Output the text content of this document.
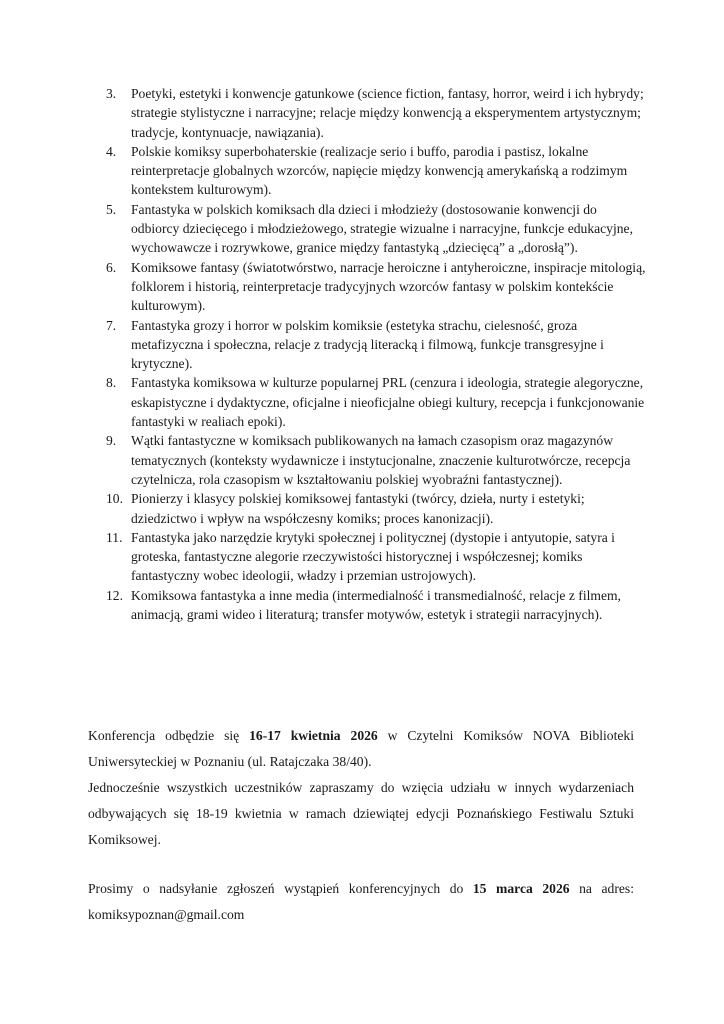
3. Poetyki, estetyki i konwencje gatunkowe (science fiction, fantasy, horror, weird i ich hybrydy; strategie stylistyczne i narracyjne; relacje między konwencją a eksperymentem artystycznym; tradycje, kontynuacje, nawiązania).
4. Polskie komiksy superbohaterskie (realizacje serio i buffo, parodia i pastisz, lokalne reinterpretacje globalnych wzorców, napięcie między konwencją amerykańską a rodzimym kontekstem kulturowym).
5. Fantastyka w polskich komiksach dla dzieci i młodzieży (dostosowanie konwencji do odbiorcy dziecięcego i młodzieżowego, strategie wizualne i narracyjne, funkcje edukacyjne, wychowawcze i rozrywkowe, granice między fantastyką „dziecięcą” a „dorosłą”).
6. Komiksowe fantasy (światotwórstwo, narracje heroiczne i antyheroiczne, inspiracje mitologią, folklorem i historią, reinterpretacje tradycyjnych wzorców fantasy w polskim kontekście kulturowym).
7. Fantastyka grozy i horror w polskim komiksie (estetyka strachu, cielesność, groza metafizyczna i społeczna, relacje z tradycją literacką i filmową, funkcje transgresyjne i krytyczne).
8. Fantastyka komiksowa w kulturze popularnej PRL (cenzura i ideologia, strategie alegoryczne, eskapistyczne i dydaktyczne, oficjalne i nieoficjalne obiegi kultury, recepcja i funkcjonowanie fantastyki w realiach epoki).
9. Wątki fantastyczne w komiksach publikowanych na łamach czasopism oraz magazynów tematycznych (konteksty wydawnicze i instytucjonalne, znaczenie kulturotwórcze, recepcja czytelnicza, rola czasopism w kształtowaniu polskiej wyobraźni fantastycznej).
10. Pionierzy i klasycy polskiej komiksowej fantastyki (twórcy, dzieła, nurty i estetyki; dziedzictwo i wpływ na współczesny komiks; proces kanonizacji).
11. Fantastyka jako narzędzie krytyki społecznej i politycznej (dystopie i antyutopie, satyra i groteska, fantastyczne alegorie rzeczywistości historycznej i współczesnej; komiks fantastyczny wobec ideologii, władzy i przemian ustrojowych).
12. Komiksowa fantastyka a inne media (intermedialność i transmedialność, relacje z filmem, animacją, grami wideo i literaturą; transfer motywów, estetyk i strategii narracyjnych).

Konferencja odbędzie się 16-17 kwietnia 2026 w Czytelni Komiksów NOVA Biblioteki Uniwersyteckiej w Poznaniu (ul. Ratajczaka 38/40).

Jednocześnie wszystkich uczestników zapraszamy do wzięcia udziału w innych wydarzeniach odbywających się 18-19 kwietnia w ramach dziewiątej edycji Poznańskiego Festiwalu Sztuki Komiksowej.

Prosimy o nadsyłanie zgłoszeń wystąpień konferencyjnych do 15 marca 2026 na adres: komiksypoznan@gmail.com
